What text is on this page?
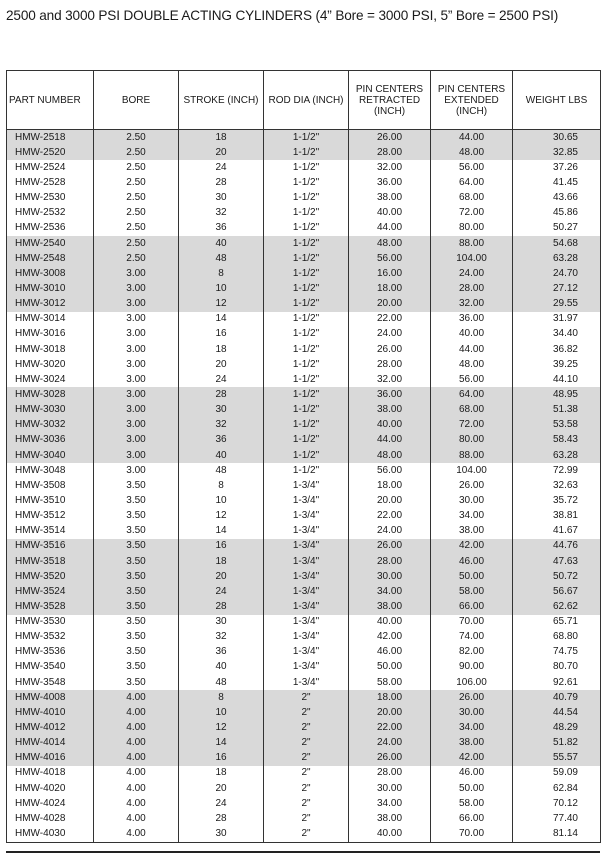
2500 and 3000 PSI DOUBLE ACTING CYLINDERS (4” Bore = 3000 PSI, 5” Bore = 2500 PSI)
PART NUMBER	BORE	STROKE (INCH)	ROD DIA (INCH)	PIN CENTERS RETRACTED (INCH)	PIN CENTERS EXTENDED (INCH)	WEIGHT LBS
HMW-2518	2.50	18	1-1/2"	26.00	44.00	30.65
HMW-2520	2.50	20	1-1/2"	28.00	48.00	32.85
HMW-2524	2.50	24	1-1/2"	32.00	56.00	37.26
HMW-2528	2.50	28	1-1/2"	36.00	64.00	41.45
HMW-2530	2.50	30	1-1/2"	38.00	68.00	43.66
HMW-2532	2.50	32	1-1/2"	40.00	72.00	45.86
HMW-2536	2.50	36	1-1/2"	44.00	80.00	50.27
HMW-2540	2.50	40	1-1/2"	48.00	88.00	54.68
HMW-2548	2.50	48	1-1/2"	56.00	104.00	63.28
HMW-3008	3.00	8	1-1/2"	16.00	24.00	24.70
HMW-3010	3.00	10	1-1/2"	18.00	28.00	27.12
HMW-3012	3.00	12	1-1/2"	20.00	32.00	29.55
HMW-3014	3.00	14	1-1/2"	22.00	36.00	31.97
HMW-3016	3.00	16	1-1/2"	24.00	40.00	34.40
HMW-3018	3.00	18	1-1/2"	26.00	44.00	36.82
HMW-3020	3.00	20	1-1/2"	28.00	48.00	39.25
HMW-3024	3.00	24	1-1/2"	32.00	56.00	44.10
HMW-3028	3.00	28	1-1/2"	36.00	64.00	48.95
HMW-3030	3.00	30	1-1/2"	38.00	68.00	51.38
HMW-3032	3.00	32	1-1/2"	40.00	72.00	53.58
HMW-3036	3.00	36	1-1/2"	44.00	80.00	58.43
HMW-3040	3.00	40	1-1/2"	48.00	88.00	63.28
HMW-3048	3.00	48	1-1/2"	56.00	104.00	72.99
HMW-3508	3.50	8	1-3/4"	18.00	26.00	32.63
HMW-3510	3.50	10	1-3/4"	20.00	30.00	35.72
HMW-3512	3.50	12	1-3/4"	22.00	34.00	38.81
HMW-3514	3.50	14	1-3/4"	24.00	38.00	41.67
HMW-3516	3.50	16	1-3/4"	26.00	42.00	44.76
HMW-3518	3.50	18	1-3/4"	28.00	46.00	47.63
HMW-3520	3.50	20	1-3/4"	30.00	50.00	50.72
HMW-3524	3.50	24	1-3/4"	34.00	58.00	56.67
HMW-3528	3.50	28	1-3/4"	38.00	66.00	62.62
HMW-3530	3.50	30	1-3/4"	40.00	70.00	65.71
HMW-3532	3.50	32	1-3/4"	42.00	74.00	68.80
HMW-3536	3.50	36	1-3/4"	46.00	82.00	74.75
HMW-3540	3.50	40	1-3/4"	50.00	90.00	80.70
HMW-3548	3.50	48	1-3/4"	58.00	106.00	92.61
HMW-4008	4.00	8	2"	18.00	26.00	40.79
HMW-4010	4.00	10	2"	20.00	30.00	44.54
HMW-4012	4.00	12	2"	22.00	34.00	48.29
HMW-4014	4.00	14	2"	24.00	38.00	51.82
HMW-4016	4.00	16	2"	26.00	42.00	55.57
HMW-4018	4.00	18	2"	28.00	46.00	59.09
HMW-4020	4.00	20	2"	30.00	50.00	62.84
HMW-4024	4.00	24	2"	34.00	58.00	70.12
HMW-4028	4.00	28	2"	38.00	66.00	77.40
HMW-4030	4.00	30	2"	40.00	70.00	81.14
